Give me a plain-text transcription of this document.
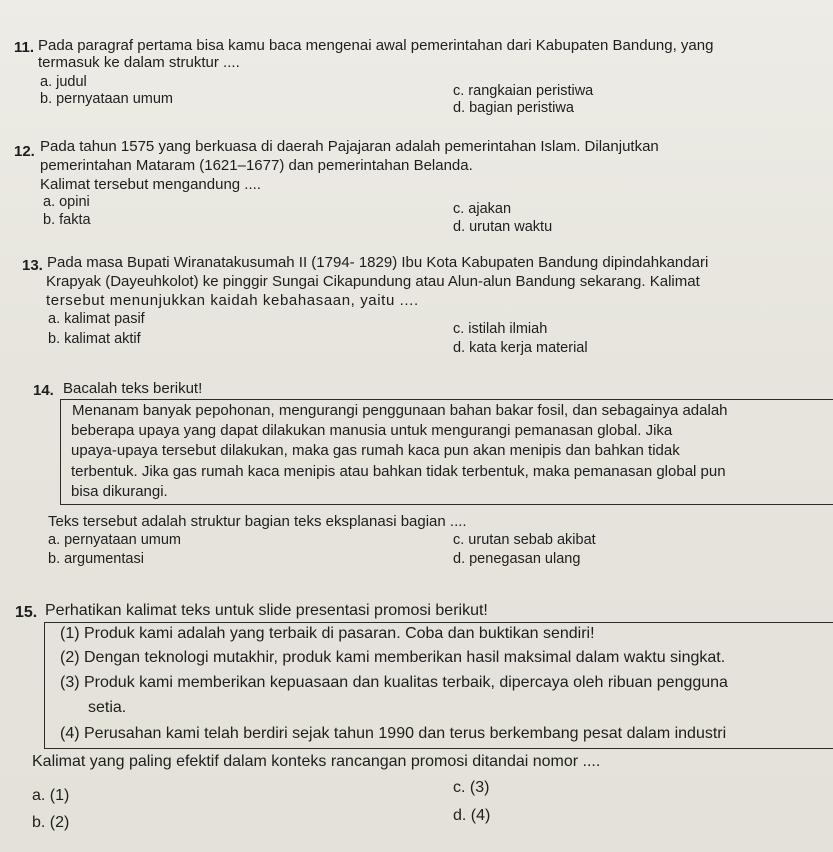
11. Pada paragraf pertama bisa kamu baca mengenai awal pemerintahan dari Kabupaten Bandung, yang
termasuk ke dalam struktur ....
a. judul
b. pernyataan umum	c. rangkaian peristiwa
d. bagian peristiwa
12. Pada tahun 1575 yang berkuasa di daerah Pajajaran adalah pemerintahan Islam. Dilanjutkan
pemerintahan Mataram (1621–1677) dan pemerintahan Belanda.
Kalimat tersebut mengandung ....
a. opini
b. fakta
c. ajakan
d. urutan waktu
13. Pada masa Bupati Wiranatakusumah II (1794- 1829) Ibu Kota Kabupaten Bandung dipindahkandari
Krapyak (Dayeuhkolot) ke pinggir Sungai Cikapundung atau Alun-alun Bandung sekarang. Kalimat
tersebut menunjukkan kaidah kebahasaan, yaitu ....
a. kalimat pasif
b. kalimat aktif
c. istilah ilmiah
d. kata kerja material
14. Bacalah teks berikut!
Menanam banyak pepohonan, mengurangi penggunaan bahan bakar fosil, dan sebagainya adalah
beberapa upaya yang dapat dilakukan manusia untuk mengurangi pemanasan global. Jika
upaya-upaya tersebut dilakukan, maka gas rumah kaca pun akan menipis dan bahkan tidak
terbentuk. Jika gas rumah kaca menipis atau bahkan tidak terbentuk, maka pemanasan global pun
bisa dikurangi.
Teks tersebut adalah struktur bagian teks eksplanasi bagian ....
a. pernyataan umum
b. argumentasi
c. urutan sebab akibat
d. penegasan ulang
15. Perhatikan kalimat teks untuk slide presentasi promosi berikut!
(1) Produk kami adalah yang terbaik di pasaran. Coba dan buktikan sendiri!
(2) Dengan teknologi mutakhir, produk kami memberikan hasil maksimal dalam waktu singkat.
(3) Produk kami memberikan kepuasaan dan kualitas terbaik, dipercaya oleh ribuan pengguna
setia.
(4) Perusahan kami telah berdiri sejak tahun 1990 dan terus berkembang pesat dalam industri
Kalimat yang paling efektif dalam konteks rancangan promosi ditandai nomor ....
a. (1)
b. (2)
c. (3)
d. (4)
